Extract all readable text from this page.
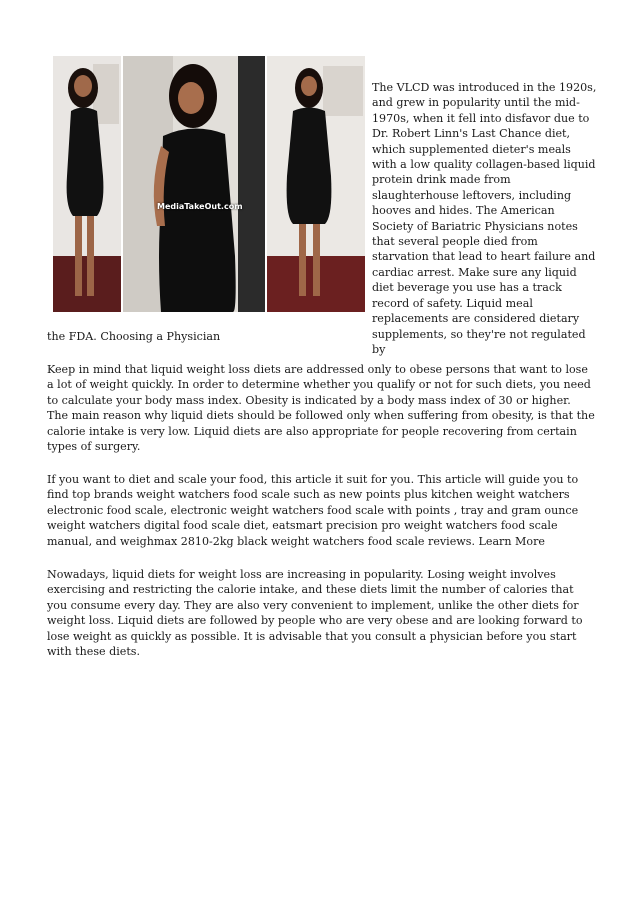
MediaTakeOut.com

The VLCD was introduced in the 1920s, and grew in popularity until the mid-1970s, when it fell into disfavor due to Dr. Robert Linn's Last Chance diet, which supplemented dieter's meals with a low quality collagen-based liquid protein drink made from slaughterhouse leftovers, including hooves and hides. The American Society of Bariatric Physicians notes that several people died from starvation that lead to heart failure and cardiac arrest. Make sure any liquid diet beverage you use has a track record of safety. Liquid meal replacements are considered dietary supplements, so they're not regulated by

the FDA. Choosing a Physician

Keep in mind that liquid weight loss diets are addressed only to obese persons that want to lose a lot of weight quickly. In order to determine whether you qualify or not for such diets, you need to calculate your body mass index. Obesity is indicated by a body mass index of 30 or higher. The main reason why liquid diets should be followed only when suffering from obesity, is that the calorie intake is very low. Liquid diets are also appropriate for people recovering from certain types of surgery.

If you want to diet and scale your food, this article it suit for you. This article will guide you to find top brands weight watchers food scale such as new points plus kitchen weight watchers electronic food scale, electronic weight watchers food scale with points , tray and gram ounce weight watchers digital food scale diet, eatsmart precision pro weight watchers food scale manual, and weighmax 2810-2kg black weight watchers food scale reviews. Learn More

Nowadays, liquid diets for weight loss are increasing in popularity. Losing weight involves exercising and restricting the calorie intake, and these diets limit the number of calories that you consume every day. They are also very convenient to implement, unlike the other diets for weight loss. Liquid diets are followed by people who are very obese and are looking forward to lose weight as quickly as possible. It is advisable that you consult a physician before you start with these diets.
